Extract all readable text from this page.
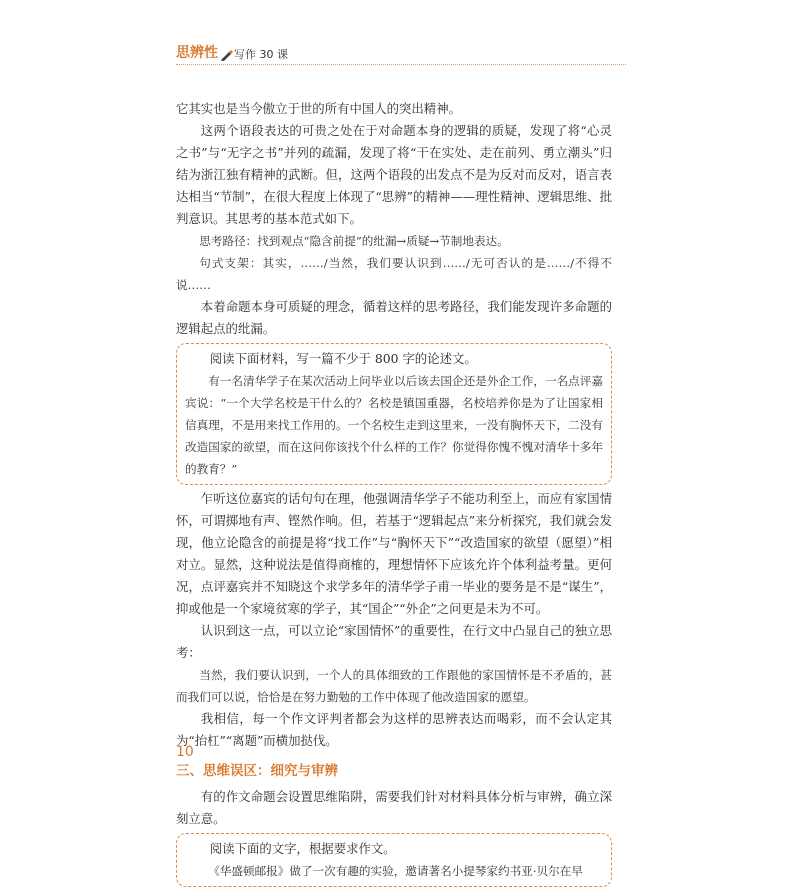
思辨性 写作 30 课

它其实也是当今傲立于世的所有中国人的突出精神。

这两个语段表达的可贵之处在于对命题本身的逻辑的质疑，发现了将“心灵之书”与“无字之书”并列的疏漏，发现了将“干在实处、走在前列、勇立潮头”归结为浙江独有精神的武断。但，这两个语段的出发点不是为反对而反对，语言表达相当“节制”，在很大程度上体现了“思辨”的精神——理性精神、逻辑思维、批判意识。其思考的基本范式如下。

思考路径：找到观点“隐含前提”的纰漏→质疑→节制地表达。

句式支架：其实，……/当然，我们要认识到……/无可否认的是……/不得不说……

本着命题本身可质疑的理念，循着这样的思考路径，我们能发现许多命题的逻辑起点的纰漏。

阅读下面材料，写一篇不少于 800 字的论述文。

有一名清华学子在某次活动上问毕业以后该去国企还是外企工作，一名点评嘉宾说：“一个大学名校是干什么的？名校是镇国重器，名校培养你是为了让国家相信真理，不是用来找工作用的。一个名校生走到这里来，一没有胸怀天下，二没有改造国家的欲望，而在这问你该找个什么样的工作？你觉得你愧不愧对清华十多年的教育？”

乍听这位嘉宾的话句句在理，他强调清华学子不能功利至上，而应有家国情怀，可谓掷地有声、铿然作响。但，若基于“逻辑起点”来分析探究，我们就会发现，他立论隐含的前提是将“找工作”与“胸怀天下”“改造国家的欲望（愿望）”相对立。显然，这种说法是值得商榷的，理想情怀下应该允许个体利益考量。更何况，点评嘉宾并不知晓这个求学多年的清华学子甫一毕业的要务是不是“谋生”，抑或他是一个家境贫寒的学子，其“国企”“外企”之问更是未为不可。

认识到这一点，可以立论“家国情怀”的重要性，在行文中凸显自己的独立思考：

当然，我们要认识到，一个人的具体细致的工作跟他的家国情怀是不矛盾的，甚而我们可以说，恰恰是在努力勤勉的工作中体现了他改造国家的愿望。

我相信，每一个作文评判者都会为这样的思辨表达而喝彩，而不会认定其为“抬杠”“离题”而横加挞伐。

三、思维误区：细究与审辨

有的作文命题会设置思维陷阱，需要我们针对材料具体分析与审辨，确立深刻立意。

阅读下面的文字，根据要求作文。

《华盛顿邮报》做了一次有趣的实验，邀请著名小提琴家约书亚·贝尔在早

10
